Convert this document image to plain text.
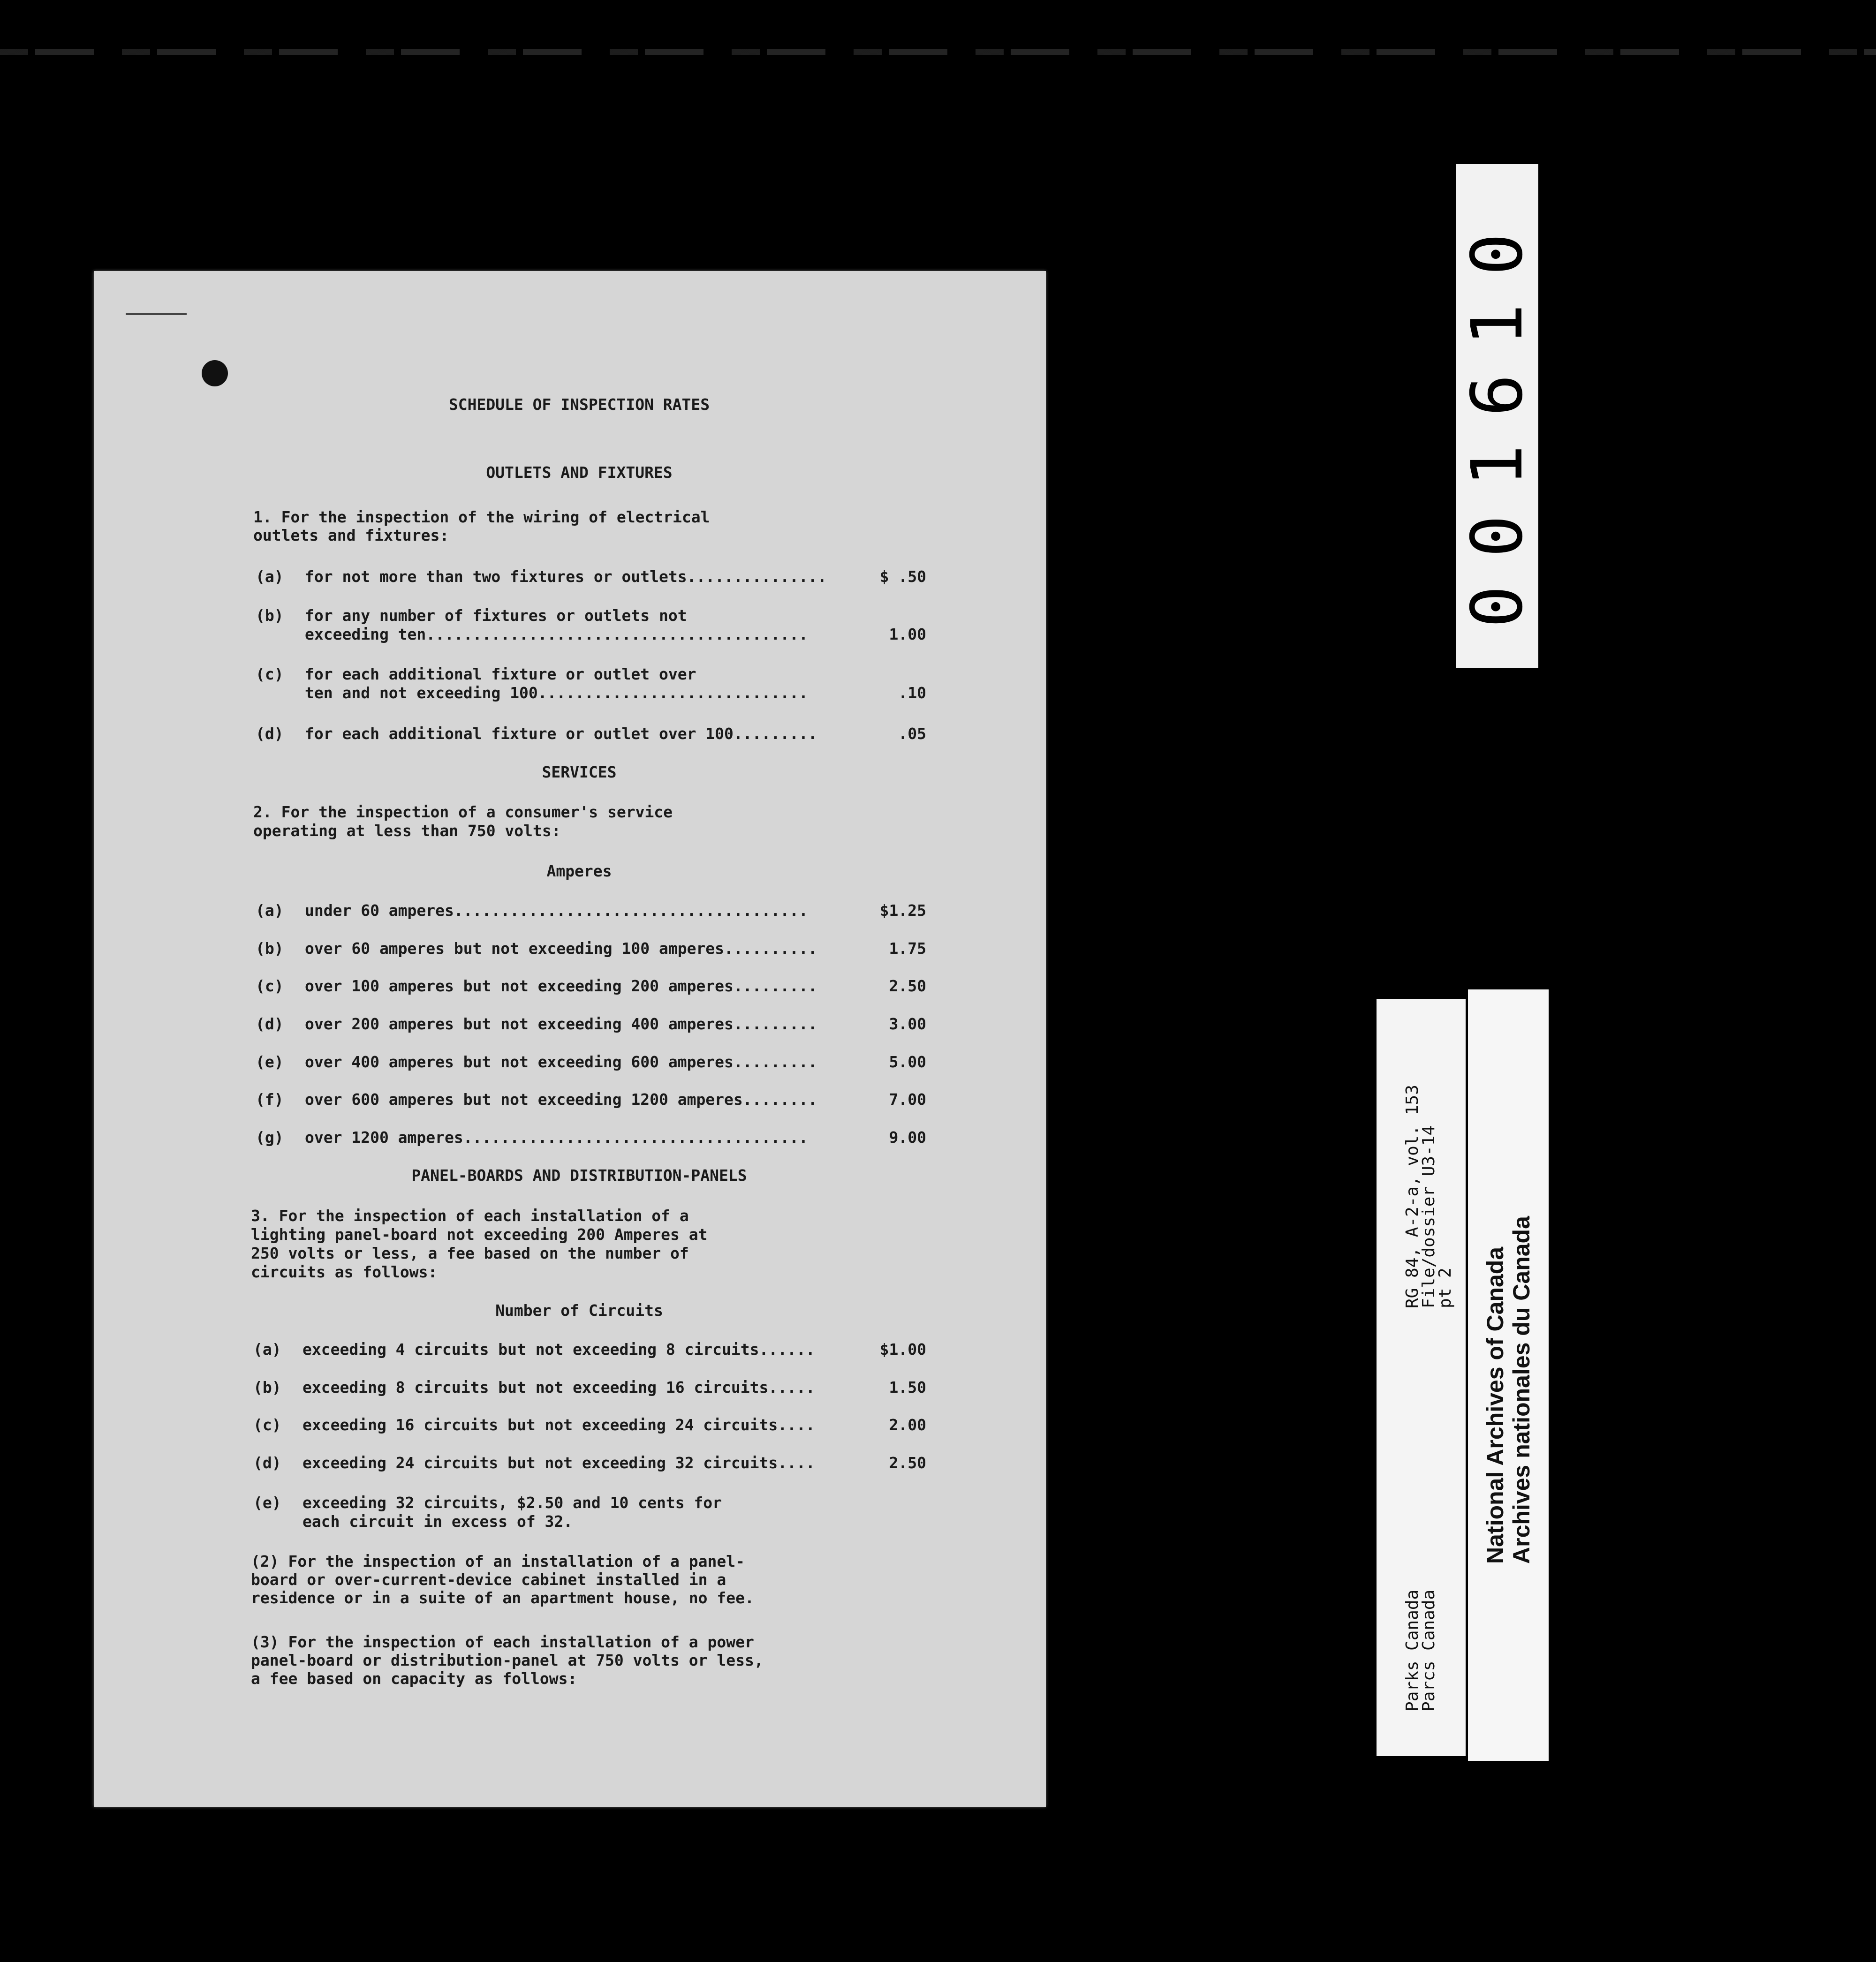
SCHEDULE OF INSPECTION RATES
OUTLETS AND FIXTURES
1. For the inspection of the wiring of electrical
outlets and fixtures:
(a) for not more than two fixtures or outlets...............	$ .50
(b) for any number of fixtures or outlets not
exceeding ten.........................................	1.00
(c) for each additional fixture or outlet over
ten and not exceeding 100.............................	.10
(d) for each additional fixture or outlet over 100.........	.05
SERVICES
2. For the inspection of a consumer's service
operating at less than 750 volts:
Amperes
(a) under 60 amperes......................................	$1.25
(b) over 60 amperes but not exceeding 100 amperes..........	1.75
(c) over 100 amperes but not exceeding 200 amperes.........	2.50
(d) over 200 amperes but not exceeding 400 amperes.........	3.00
(e) over 400 amperes but not exceeding 600 amperes.........	5.00
(f) over 600 amperes but not exceeding 1200 amperes........	7.00
(g) over 1200 amperes.....................................	9.00
PANEL-BOARDS AND DISTRIBUTION-PANELS
3. For the inspection of each installation of a
lighting panel-board not exceeding 200 Amperes at
250 volts or less, a fee based on the number of
circuits as follows:
Number of Circuits
(a) exceeding 4 circuits but not exceeding 8 circuits......	$1.00
(b) exceeding 8 circuits but not exceeding 16 circuits.....	1.50
(c) exceeding 16 circuits but not exceeding 24 circuits....	2.00
(d) exceeding 24 circuits but not exceeding 32 circuits....	2.50
(e) exceeding 32 circuits, $2.50 and 10 cents for
each circuit in excess of 32.
(2) For the inspection of an installation of a panel-
board or over-current-device cabinet installed in a
residence or in a suite of an apartment house, no fee.
(3) For the inspection of each installation of a power
panel-board or distribution-panel at 750 volts or less,
a fee based on capacity as follows:
001610
RG 84, A-2-a, vol. 153
File/dossier U3-14
pt 2
Parks Canada
Parcs Canada
National Archives of Canada Archives nationales du Canada
